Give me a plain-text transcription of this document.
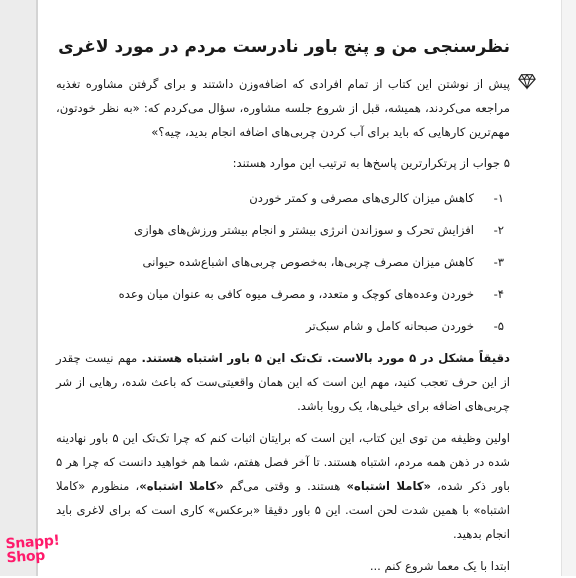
نظرسنجی من و پنج باور نادرست مردم در مورد لاغری

پیش از نوشتن این کتاب از تمام افرادی که اضافه‌وزن داشتند و برای گرفتن مشاوره تغذیه مراجعه می‌کردند، همیشه، قبل از شروع جلسه مشاوره، سؤال می‌کردم که: «به نظر خودتون، مهم‌ترین کارهایی که باید برای آب کردن چربی‌های اضافه انجام بدید، چیه؟»

۵ جواب از پرتکرارترین پاسخ‌ها به ترتیب این موارد هستند:
۱-
کاهش میزان کالری‌های مصرفی و کمتر خوردن
۲-
افزایش تحرک و سوزاندن انرژی بیشتر و انجام بیشتر ورزش‌های هوازی
۳-
کاهش میزان مصرف چربی‌ها، به‌خصوص چربی‌های اشباع‌شده حیوانی
۴-
خوردن وعده‌های کوچک و متعدد، و مصرف میوه کافی به عنوان میان وعده
۵-
خوردن صبحانه کامل و شام سبک‌تر

دقیقاً مشکل در ۵ مورد بالاست. تک‌تک این ۵ باور اشتباه هستند. مهم نیست چقدر از این حرف تعجب کنید، مهم این است که این همان واقعیتی‌ست که باعث شده، رهایی از شر چربی‌های اضافه برای خیلی‌ها، یک رویا باشد.

اولین وظیفه من توی این کتاب، این است که برایتان اثبات کنم که چرا تک‌تک این ۵ باور نهادینه شده در ذهن همه مردم، اشتباه هستند. تا آخر فصل هفتم، شما هم خواهید دانست که چرا هر ۵ باور ذکر شده، «کاملا اشتباه» هستند. و وقتی می‌گم «کاملا اشتباه»، منظورم «کاملا اشتباه» با همین شدت لحن است. این ۵ باور دقیقا «برعکس» کاری است که برای لاغری باید انجام بدهید.

ابتدا با یک معما شروع کنم ...
Snapp!
Shop
